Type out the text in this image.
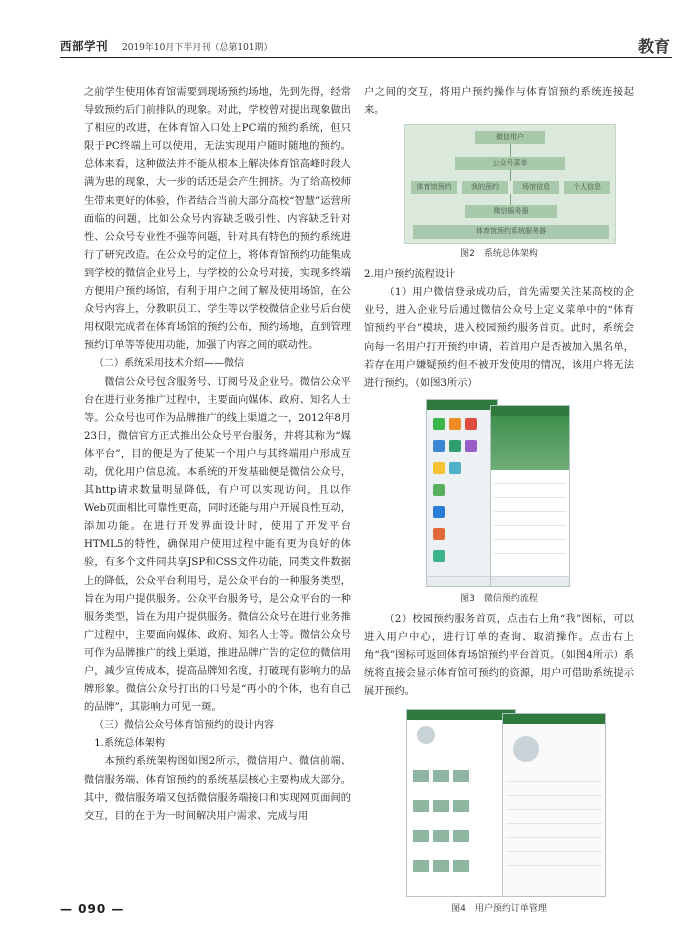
西部学刊 2019年10月下半月刊（总第101期）	教育

之前学生使用体育馆需要到现场预约场地，先到先得，经常导致预约后门前排队的现象。对此，学校曾对提出现象做出了相应的改进，在体育馆入口处上PC端的预约系统，但只限于PC终端上可以使用，无法实现用户随时随地的预约。总体来看，这种做法并不能从根本上解决体育馆高峰时段人满为患的现象，大一步的话还是会产生拥挤。为了给高校师生带来更好的体验，作者结合当前大部分高校“智慧”运营所面临的问题，比如公众号内容缺乏吸引性、内容缺乏针对性、公众号专业性不强等问题，针对具有特色的预约系统进行了研究改造。在公众号的定位上，将体育馆预约功能集成到学校的微信企业号上，与学校的公众号对接，实现多终端方便用户预约场馆，有利于用户之间了解及使用场馆，在公众号内容上，分教职员工、学生等以学校微信企业号后台使用权限完成者在体育场馆的预约公布，预约场地，直到管理预约订单等等使用功能，加强了内容之间的联动性。

（二）系统采用技术介绍——微信

微信公众号包含服务号、订阅号及企业号。微信公众平台在进行业务推广过程中，主要面向媒体、政府、知名人士等。公众号也可作为品牌推广的线上渠道之一，2012年8月23日，微信官方正式推出公众号平台服务，并将其称为“媒体平台”，目的便是为了使某一个用户与其终端用户形成互动，优化用户信息流。本系统的开发基础便是微信公众号，其http请求数量明显降低，有户可以实现访问，且以作Web页面相比可靠性更高，同时还能与用户开展良性互动，添加功能。在进行开发界面设计时，使用了开发平台HTML5的特性，确保用户使用过程中能有更为良好的体验，有多个文件同共享JSP和CSS文件功能，同类文件数据上的降低，公众平台利用号，是公众平台的一种服务类型，旨在为用户提供服务。公众平台服务号，是公众平台的一种服务类型，旨在为用户提供服务。微信公众号在进行业务推广过程中，主要面向媒体、政府、知名人士等。微信公众号可作为品牌推广的线上渠道，推进品牌广告的定位的微信用户，减少宣传成本，提高品牌知名度，打破现有影响力的品牌形象。微信公众号打出的口号是“再小的个体，也有自己的品牌”，其影响力可见一斑。

（三）微信公众号体育馆预约的设计内容

1.系统总体架构

本预约系统架构图如图2所示，微信用户、微信前端、微信服务端、体育馆预约的系统基层核心主要构成大部分。其中，微信服务端又包括微信服务端接口和实现网页面间的交互，目的在于为一时间解决用户需求、完成与用

户之间的交互，将用户预约操作与体育馆预约系统连接起来。

微信用户
公众号菜单
体育馆预约	我的预约	场馆信息	个人信息
微信服务器
体育馆预约系统服务器

图2　系统总体架构

2.用户预约流程设计

（1）用户微信登录成功后，首先需要关注某高校的企业号，进入企业号后通过微信公众号上定义菜单中的“体育馆预约平台”模块，进入校园预约服务首页。此时，系统会向每一名用户打开预约申请，若首用户是否被加入黑名单，若存在用户嫌疑预约但不被开发使用的情况，该用户将无法进行预约。（如图3所示）

图3　微信预约流程

（2）校园预约服务首页，点击右上角“我”图标，可以进入用户中心，进行订单的查询、取消操作。点击右上角“我”图标可返回体育场馆预约平台首页。（如图4所示）系统将直接会显示体育馆可预约的资源，用户可借助系统提示展开预约。

图4　用户预约订单管理

— 090 —
